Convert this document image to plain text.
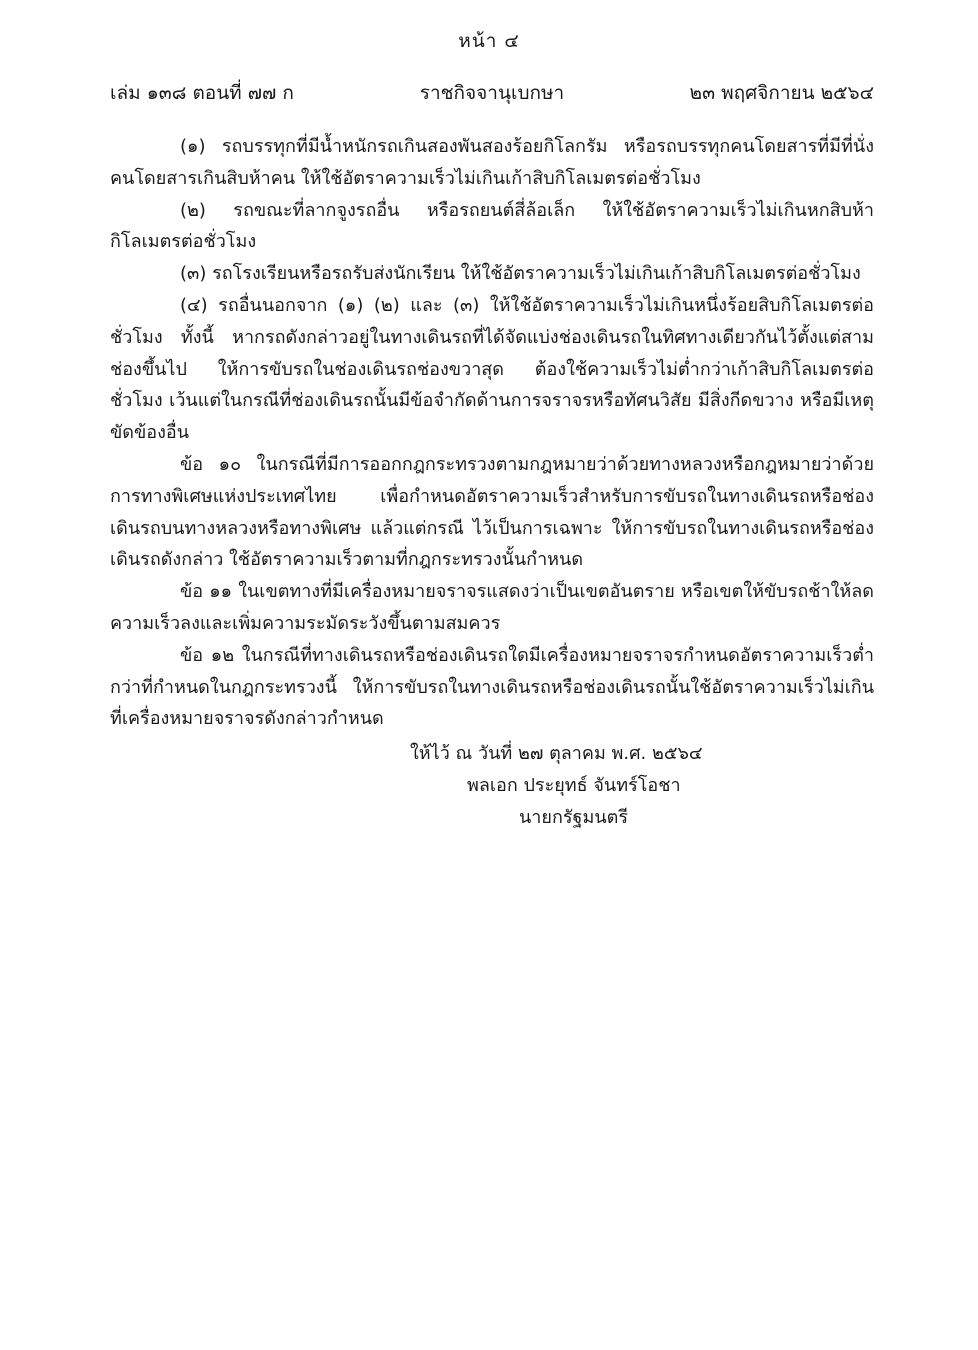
หน้า ๔
เล่ม ๑๓๘ ตอนที่ ๗๗ ก	ราชกิจจานุเบกษา	๒๓ พฤศจิกายน ๒๕๖๔

(๑) รถบรรทุกที่มีน้ำหนักรถเกินสองพันสองร้อยกิโลกรัม หรือรถบรรทุกคนโดยสารที่มีที่นั่งคนโดยสารเกินสิบห้าคน ให้ใช้อัตราความเร็วไม่เกินเก้าสิบกิโลเมตรต่อชั่วโมง

(๒) รถขณะที่ลากจูงรถอื่น หรือรถยนต์สี่ล้อเล็ก ให้ใช้อัตราความเร็วไม่เกินหกสิบห้ากิโลเมตรต่อชั่วโมง

(๓) รถโรงเรียนหรือรถรับส่งนักเรียน ให้ใช้อัตราความเร็วไม่เกินเก้าสิบกิโลเมตรต่อชั่วโมง

(๔) รถอื่นนอกจาก (๑) (๒) และ (๓) ให้ใช้อัตราความเร็วไม่เกินหนึ่งร้อยสิบกิโลเมตรต่อชั่วโมง ทั้งนี้ หากรถดังกล่าวอยู่ในทางเดินรถที่ได้จัดแบ่งช่องเดินรถในทิศทางเดียวกันไว้ตั้งแต่สามช่องขึ้นไป ให้การขับรถในช่องเดินรถช่องขวาสุด ต้องใช้ความเร็วไม่ต่ำกว่าเก้าสิบกิโลเมตรต่อชั่วโมง เว้นแต่ในกรณีที่ช่องเดินรถนั้นมีข้อจำกัดด้านการจราจรหรือทัศนวิสัย มีสิ่งกีดขวาง หรือมีเหตุขัดข้องอื่น

ข้อ ๑๐ ในกรณีที่มีการออกกฎกระทรวงตามกฎหมายว่าด้วยทางหลวงหรือกฎหมายว่าด้วยการทางพิเศษแห่งประเทศไทย เพื่อกำหนดอัตราความเร็วสำหรับการขับรถในทางเดินรถหรือช่องเดินรถบนทางหลวงหรือทางพิเศษ แล้วแต่กรณี ไว้เป็นการเฉพาะ ให้การขับรถในทางเดินรถหรือช่องเดินรถดังกล่าว ใช้อัตราความเร็วตามที่กฎกระทรวงนั้นกำหนด

ข้อ ๑๑ ในเขตทางที่มีเครื่องหมายจราจรแสดงว่าเป็นเขตอันตราย หรือเขตให้ขับรถช้าให้ลดความเร็วลงและเพิ่มความระมัดระวังขึ้นตามสมควร

ข้อ ๑๒ ในกรณีที่ทางเดินรถหรือช่องเดินรถใดมีเครื่องหมายจราจรกำหนดอัตราความเร็วต่ำกว่าที่กำหนดในกฎกระทรวงนี้ ให้การขับรถในทางเดินรถหรือช่องเดินรถนั้นใช้อัตราความเร็วไม่เกินที่เครื่องหมายจราจรดังกล่าวกำหนด

ให้ไว้ ณ วันที่ ๒๗ ตุลาคม พ.ศ. ๒๕๖๔
พลเอก ประยุทธ์ จันทร์โอชา
นายกรัฐมนตรี
